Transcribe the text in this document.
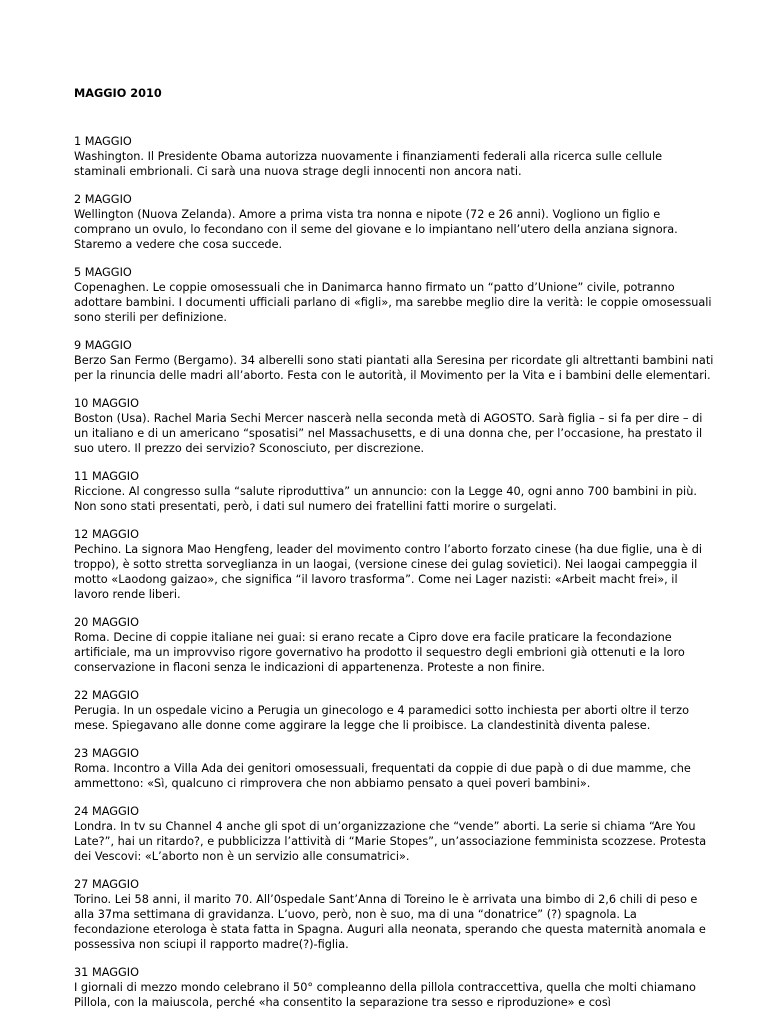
MAGGIO 2010
1 MAGGIO
Washington. Il Presidente Obama autorizza nuovamente i finanziamenti federali alla ricerca sulle cellule staminali embrionali. Ci sarà una nuova strage degli innocenti non ancora nati.
2 MAGGIO
Wellington (Nuova Zelanda). Amore a prima vista tra nonna e nipote (72 e 26 anni). Vogliono un figlio e comprano un ovulo, lo fecondano con il seme del giovane e lo impiantano nell’utero della anziana signora. Staremo a vedere che cosa succede.
5 MAGGIO
Copenaghen. Le coppie omosessuali che in Danimarca hanno firmato un “patto d’Unione” civile, potranno adottare bambini. I documenti ufficiali parlano di «figli», ma sarebbe meglio dire la verità: le coppie omosessuali sono sterili per definizione.
9 MAGGIO
Berzo San Fermo (Bergamo). 34 alberelli sono stati piantati alla Seresina per ricordate gli altrettanti bambini nati per la rinuncia delle madri all’aborto. Festa con le autorità, il Movimento per la Vita e i bambini delle elementari.
10 MAGGIO
Boston (Usa). Rachel Maria Sechi Mercer nascerà nella seconda metà di AGOSTO. Sarà figlia – si fa per dire – di un italiano e di un americano “sposatisi” nel Massachusetts, e di una donna che, per l’occasione, ha prestato il suo utero. Il prezzo dei servizio? Sconosciuto, per discrezione.
11 MAGGIO
Riccione. Al congresso sulla “salute riproduttiva” un annuncio: con la Legge 40, ogni anno 700 bambini in più. Non sono stati presentati, però, i dati sul numero dei fratellini fatti morire o surgelati.
12 MAGGIO
Pechino. La signora Mao Hengfeng, leader del movimento contro l’aborto forzato cinese (ha due figlie, una è di troppo), è sotto stretta sorveglianza in un laogai, (versione cinese dei gulag sovietici). Nei laogai campeggia il motto «Laodong gaizao», che significa “il lavoro trasforma”. Come nei Lager nazisti: «Arbeit macht frei», il lavoro rende liberi.
20 MAGGIO
Roma. Decine di coppie italiane nei guai: si erano recate a Cipro dove era facile praticare la fecondazione artificiale, ma un improvviso rigore governativo ha prodotto il sequestro degli embrioni già ottenuti e la loro conservazione in flaconi senza le indicazioni di appartenenza. Proteste a non finire.
22 MAGGIO
Perugia. In un ospedale vicino a Perugia un ginecologo e 4 paramedici sotto inchiesta per aborti oltre il terzo mese. Spiegavano alle donne come aggirare la legge che li proibisce. La clandestinità diventa palese.
23 MAGGIO
Roma. Incontro a Villa Ada dei genitori omosessuali, frequentati da coppie di due papà o di due mamme, che ammettono: «Sì, qualcuno ci rimprovera che non abbiamo pensato a quei poveri bambini».
24 MAGGIO
Londra. In tv su Channel 4 anche gli spot di un’organizzazione che “vende” aborti. La serie si chiama “Are You Late?”, hai un ritardo?, e pubblicizza l’attività di “Marie Stopes”, un’associazione femminista scozzese. Protesta dei Vescovi: «L’aborto non è un servizio alle consumatrici».
27 MAGGIO
Torino. Lei 58 anni, il marito 70. All’0spedale Sant’Anna di Toreino le è arrivata una bimbo di 2,6 chili di peso e alla 37ma settimana di gravidanza. L’uovo, però, non è suo, ma di una “donatrice” (?) spagnola. La fecondazione eterologa è stata fatta in Spagna. Auguri alla neonata, sperando che questa maternità anomala e possessiva non sciupi il rapporto madre(?)-figlia.
31 MAGGIO
I giornali di mezzo mondo celebrano il 50° compleanno della pillola contraccettiva, quella che molti chiamano Pillola, con la maiuscola, perché «ha consentito la separazione tra sesso e riproduzione» e così
